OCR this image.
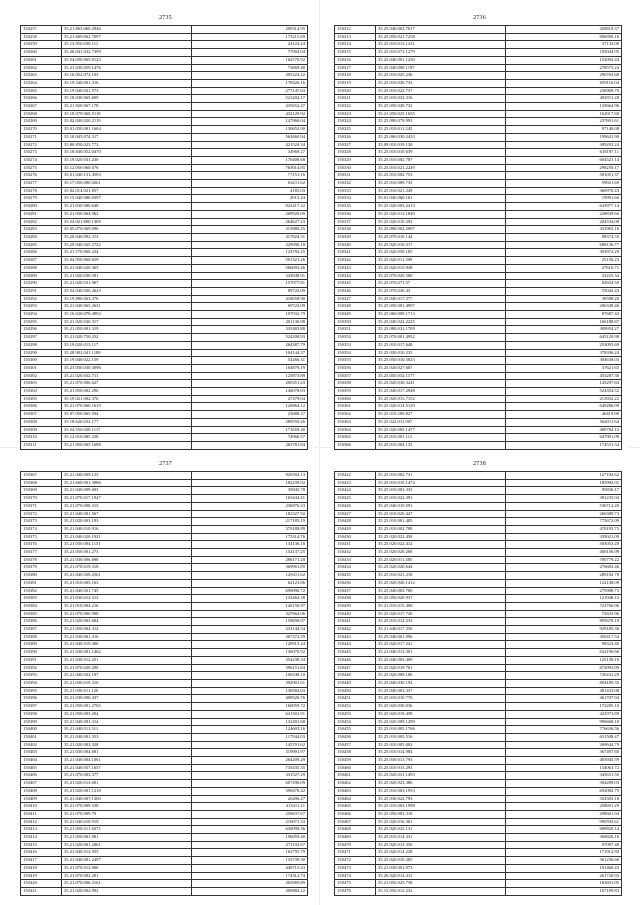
2735
150257	35.21.863.060.2946	209314.95
150258	35.21.609.062.7097	175215.69
150259	35.13.950.030.111	24124.24
150260	35.26.041.032.7399	77904.04
150261	35.54.050.065.0123	162570.92
150262	35.21.030.059.1476	73869.48
150263	35.16.052.072.103	305224.22
150264	35.19.340.001.316	178426.16
150265	35.19.040.021.573	277147.63
150266	35.18.030.065.609	521202.17
150267	35.21.820.067.178	435652.47
150268	35.18.079.060.5118	432129.92
150269	35.02.040.020.2119	147966.04
150270	35.01.050.001.1664	130652.90
150271	35.18.045.074.317	562660.94
150272	35.80.850.023.773	421524.34
150273	35.18.840.052.0470	34969.27
150274	35.19.020.031.230	176408.68
150275	35.12.050.060.076	765014.85
150276	35.01.040.131.4503	77151.16
150277	35.17.050.080.0261	63211.62
150278	35.02.014.021.857	4185.03
150279	35.15.040.080.0397	4915.24
150280	35.21.030.080.648	822417.22
150281	35.21.050.064.962	269920.09
150282	35.54.021.800.1309	264627.23
150283	35.05.070.069.996	315880.25
150284	35.20.040.092.313	417024.31
150285	35.29.940.025.2722	229990.18
150286	35.21.570.060.224	124792.25
150287	35.04.950.060.659	501321.26
150288	35.21.040.020.365	566093.46
150289	35.21.020.030.391	332848.91
150290	35.21.020.031.907	157077.81
150291	35.54.040.020.2623	89722.09
150292	35.19.880.063.376	418658.90
150293	35.21.040.065.2631	69722.09
150294	35.16.020.070.4992	107032.79
150295	35.21.020.030.317	201136.98
150296	35.21.050.001.319	335483.88
150297	35.21.020.750.252	524208.93
150298	35.19.020.013.117	264387.79
150299	35.28.902.041.1189	104144.37
150300	35.19.040.022.159	54266.31
150301	35.21.050.030.3096	164879.19
150302	35.21.020.032.711	125873.89
150303	35.21.070.006.627	200351.43
150304	35.21.050.002.296	146078.03
150305	35.19.021.002.376	47479.04
150306	35.21.070.060.1619	120864.12
150307	35.07.050.065.594	23688.27
150308	35.18.620.032.177	289550.26
150309	35.54.550.020.1117	171659.40
150310	35.12.010.085.258	74966.57
150311	35.21.950.005.1688	265781.84
2736
150312	35.25.040.003.7017	458810.37
150313	35.25.050.021.7258	696590.16
150314	35.25.010.013.1231	37133.00
150315	35.25.010.071.1279	195044.95
150316	35.25.040.001.1230	152092.44
150317	35.25.040.000.1197	278575.24
150318	35.25.010.025.236	290763.68
150319	35.25.010.030.733	659116.04
150320	35.25.010.022.737	236969.79
150321	35.25.010.032.316	492911.28
150322	35.25.050.020.732	133664.96
150323	35.21.050.025.1655	162917.68
150324	35.25.090.079.993	237691.61
150325	35.25.010.011.245	97140.08
150326	35.25.060.030.2433	199641.90
150327	35.09.010.019.130	309293.24
150328	35.25.010.010.639	618197.11
150329	35.25.010.002.707	604521.14
150330	35.25.010.021.2249	298250.17
150331	35.25.010.002.753	581051.37
150332	35.25.010.009.735	59921.69
150333	35.25.010.021.249	360970.43
150334	35.01.040.060.161	19991.66
150335	35.25.020.003.2413	643977.14
150336	35.25.020.012.1840	228839.66
150337	35.25.020.010.292	204534.08
150338	35.25.090.002.2097	433965.16
150339	35.25.070.010.144	98374.55
150340	35.25.020.010.317	688136.77
150341	35.25.020.050.185	393972.29
150342	35.25.020.011.309	25156.23
150343	35.25.020.015.938	27616.71
150344	35.25.070.020.580	33225.34
150345	35.25.070.071.57	82654.50
150346	35.25.070.030.43	55042.43
150347	35.25.040.017.377	38588.20
150348	35.25.050.001.4997	206349.46
150349	35.25.060.009.1713	87687.43
150350	35.25.040.022.2225	166188.87
150351	35.25.080.031.1709	309954.27
150352	35.25.070.001.4952	645129.98
150353	35.25.010.017.648	253095.69
150354	35.25.030.010.235	378396.24
150355	35.25.050.010.5023	304638.03
150356	35.25.020.027.607	37621.63
150357	35.25.050.032.1177	453287.36
150358	35.25.020.030.3241	145297.84
150359	35.25.040.017.2948	524354.52
150360	35.25.020.013.7152	213932.22
150361	35.25.020.014.5129	649286.09
150362	35.25.010.209.827	46419.90
150363	35.25.022.011.907	562011.64
150364	35.25.020.005.1477	400784.13
150365	35.25.010.001.111	647901.09
150366	35.25.010.004.135	174531.34
2737
150367	35.21.040.009.125	920394.13
150368	35.21.660.001.3986	182239.92
150369	35.21.040.009.603	35845.78
150370	35.21.070.017.1947	165444.41
150371	35.21.070.008.315	236976.23
150372	35.21.040.001.567	182327.92
150373	35.21.020.003.193	217185.19
150374	35.21.040.010.916	379188.89
150375	35.21.040.020.1921	175314.76
150376	35.21.050.004.1151	134136.18
150377	35.21.050.001.273	152137.25
150378	35.21.030.006.698	286171.20
150379	35.21.070.019.318	369961.85
150380	35.21.040.020.2561	129411.62
150381	35.21.010.005.163	62123.86
150382	35.21.040.021.745	690096.72
150383	35.21.030.012.312	133464.38
150384	35.21.010.004.216	140156.97
150385	35.21.070.006.908	327664.06
150386	35.21.020.003.604	159698.87
150387	35.21.050.004.312	233144.54
150388	35.21.030.001.316	367372.59
150389	35.21.040.019.306	120915.24
150390	35.21.030.001.1462	136070.92
150391	35.21.030.012.251	354238.34
150392	35.21.070.020.290	396151.84
150393	35.21.040.022.197	106548.10
150394	35.21.030.019.310	392901.61
150395	35.21.030.011.120	130584.03
150396	35.21.030.006.437	408526.76
150397	35.21.050.001.2765	160059.72
150398	35.21.050.003.204	641501.91
150399	35.21.040.001.314	132491.68
150400	35.21.040.011.311	124603.16
150401	35.21.040.001.353	117944.03
150402	35.21.020.003.328	145701.62
150403	35.21.030.004.681	319901.97
150404	35.21.040.004.1061	264209.29
150405	35.21.040.057.1657	735435.35
150406	35.21.070.003.377	331527.29
150407	35.21.020.013.601	607296.09
150408	35.21.020.001.1218	398478.42
150409	35.21.040.007.1300	26496.27
150410	35.21.070.009.538	413411.21
150411	35.21.070.009.79	259637.67
150412	35.21.040.010.919	216071.33
150413	35.21.050.011.4073	630098.36
150414	35.21.050.001.981	196059.40
150415	35.21.020.001.2061	271192.67
150416	35.21.040.012.955	162795.79
150417	35.21.040.001.2497	133739.30
150418	35.21.070.012.966	440715.43
150419	35.21.070.002.201	174312.74
150420	35.21.070.006.3161	302969.89
150421	35.21.020.002.992	300884.22
2738
150422	35.25.010.002.731	127192.62
150423	35.25.010.010.1474	185992.01
150424	35.25.010.003.333	95836.17
150425	35.25.010.022.391	381235.04
150426	35.25.040.010.591	536712.20
150427	35.25.010.020.447	266389.73
150428	35.25.010.001.485	775672.09
150429	35.25.010.002.708	470193.75
150430	35.25.020.022.458	339021.09
150431	35.25.020.022.412	503053.28
150432	35.25.020.020.268	400156.09
150433	35.25.020.011.485	700779.22
150434	35.25.020.020.644	276683.46
150435	35.25.010.021.218	289192.78
150436	35.25.020.020.1412	122148.09
150437	35.25.040.003.780	275908.73
150438	35.25.050.020.937	121948.13
150439	35.21.010.015.490	723766.96
150440	35.25.020.017.726	72633.96
150441	35.25.010.014.233	895678.19
150442	35.21.640.017.356	929185.36
150443	35.25.040.001.096	450417.54
150444	35.25.020.017.241	98323.46
150445	35.21.040.013.301	632190.66
150446	35.25.040.003.409	125130.16
150447	35.25.020.019.761	872993.09
150448	35.25.020.009.186	720241.29
150449	35.25.040.030.192	894189.35
150450	35.25.040.003.337	481433.08
150451	35.25.010.010.770	461707.94
150452	35.25.020.030.036	172285.10
150453	35.25.020.019.458	422973.89
150454	35.25.020.009.1299	996668.10
150455	35.25.010.005.1766	776636.56
150456	35.25.010.005.516	651508.47
150457	35.25.010.005.002	269644.79
150458	35.25.010.014.984	367497.60
150459	35.25.030.013.793	483945.59
150460	35.25.010.013.293	134063.72
150461	35.25.020.031.1493	345651.50
150462	35.25.020.023.386	394289.03
150463	35.25.010.003.1953	692082.79
150464	35.25.030.022.793	354303.18
150465	35.25.010.003.1998	258691.29
150466	35.25.050.003.318	298601.94
150467	35.25.020.016.361	990592.61
150468	35.25.020.023.131	689820.14
150469	35.25.010.014.331	368826.16
150470	35.25.020.013.356	97097.48
150471	35.25.020.014.228	171912.92
150472	35.25.020.010.285	361236.66
150473	35.21.030.001.973	191460.43
150474	35.26.020.014.412	261720.93
150475	35.21.050.023.738	183691.05
150476	35.15.050.012.232	167189.83
